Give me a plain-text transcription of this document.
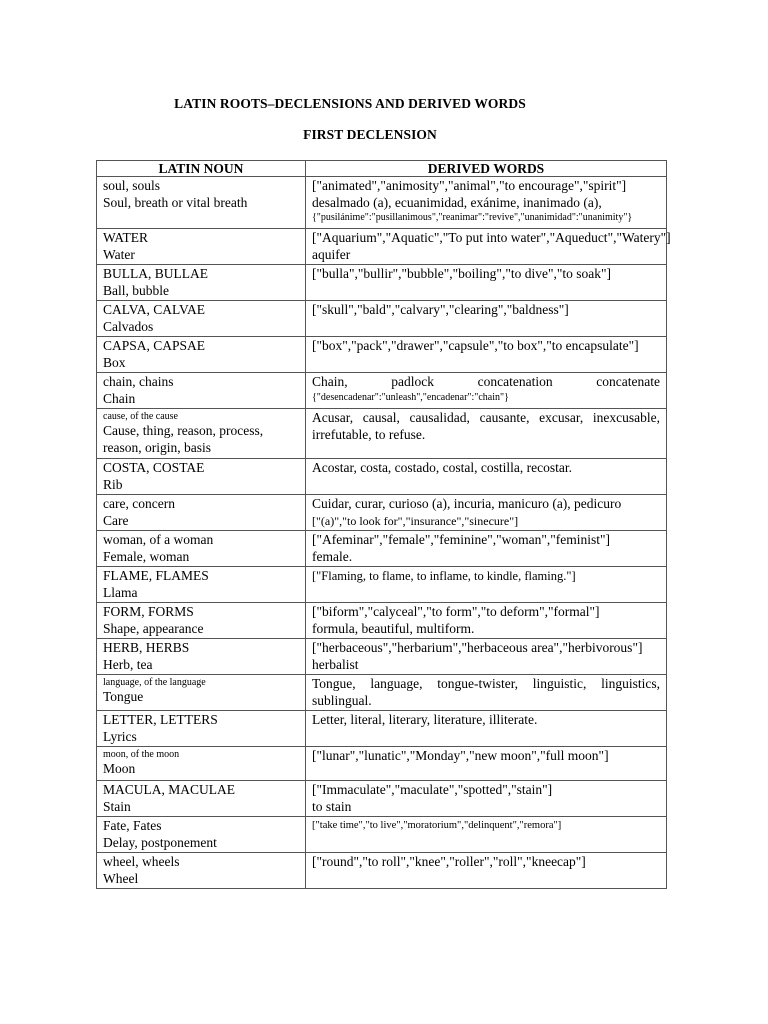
LATIN ROOTS–DECLENSIONS AND DERIVED WORDS
FIRST DECLENSION
LATIN NOUN	DERIVED WORDS

soul, souls
Soul, breath or vital breath	["animated","animosity","animal","to encourage","spirit"]
desalmado (a), ecuanimidad, exánime, inanimado (a),
{"pusilánime":"pusillanimous","reanimar":"revive","unanimidad":"unanimity"}

WATER
Water	["Aquarium","Aquatic","To put into water","Aqueduct","Watery"]
aquifer

BULLA, BULLAE
Ball, bubble	["bulla","bullir","bubble","boiling","to dive","to soak"]

CALVA, CALVAE
Calvados	["skull","bald","calvary","clearing","baldness"]

CAPSA, CAPSAE
Box	["box","pack","drawer","capsule","to box","to encapsulate"]

chain, chains
Chain	Chain, padlock concatenation concatenate
{"desencadenar":"unleash","encadenar":"chain"}

cause, of the cause
Cause, thing, reason, process, reason, origin, basis	Acusar, causal, causalidad, causante, excusar, inexcusable, irrefutable, to refuse.

COSTA, COSTAE
Rib	Acostar, costa, costado, costal, costilla, recostar.

care, concern
Care	Cuidar, curar, curioso (a), incuria, manicuro (a), pedicuro
["(a)","to look for","insurance","sinecure"]

woman, of a woman
Female, woman	["Afeminar","female","feminine","woman","feminist"]
female.

FLAME, FLAMES
Llama	["Flaming, to flame, to inflame, to kindle, flaming."]

FORM, FORMS
Shape, appearance	["biform","calyceal","to form","to deform","formal"]
formula, beautiful, multiform.

HERB, HERBS
Herb, tea	["herbaceous","herbarium","herbaceous area","herbivorous"]
herbalist

language, of the language
Tongue	Tongue, language, tongue-twister, linguistic, linguistics, sublingual.

LETTER, LETTERS
Lyrics	Letter, literal, literary, literature, illiterate.

moon, of the moon
Moon	["lunar","lunatic","Monday","new moon","full moon"]

MACULA, MACULAE
Stain	["Immaculate","maculate","spotted","stain"]
to stain

Fate, Fates
Delay, postponement	["take time","to live","moratorium","delinquent","remora"]

wheel, wheels
Wheel	["round","to roll","knee","roller","roll","kneecap"]
